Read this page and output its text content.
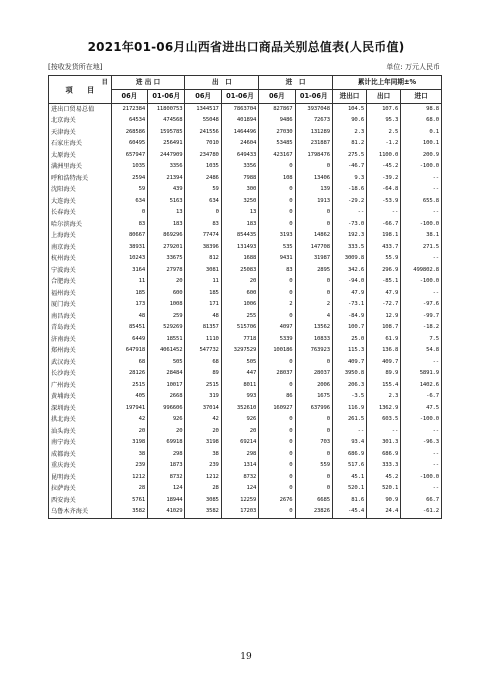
2021年01-06月山西省进出口商品关别总值表(人民币值)
[按收发货所在地]	单位: 万元人民币
目
项　　目	进 出 口		出　口		进　口		累计比上年同期±%		
	06月	01-06月	06月	01-06月	06月	01-06月	进出口	出口	进口
进出口贸易总值	2172384	11800753	1344517	7863704	827867	3937048	104.5	107.6	98.8
北京海关	64534	474568	55048	401894	9486	72673	90.6	95.3	68.0
天津海关	268586	1595785	241556	1464496	27030	131289	2.3	2.5	0.1
石家庄海关	60495	256491	7010	24604	53485	231887	81.2	-1.2	100.1
太原海关	657947	2447909	234780	649433	423167	1798476	275.5	1100.0	200.9
满洲里海关	1035	3356	1035	3356	0	0	-46.7	-45.2	-100.0
呼和浩特海关	2594	21394	2486	7988	108	13406	9.3	-39.2	--
沈阳海关	59	439	59	300	0	139	-18.6	-64.8	--
大连海关	634	5163	634	3250	0	1913	-29.2	-53.9	655.8
长春海关	0	13	0	13	0	0	--	--	--
哈尔滨海关	83	183	83	183	0	0	-73.0	-66.7	-100.0
上海海关	80667	869296	77474	854435	3193	14862	192.3	198.1	38.1
南京海关	38931	279201	38396	131493	535	147708	333.5	433.7	271.5
杭州海关	10243	33675	812	1688	9431	31987	3009.8	55.9	--
宁波海关	3164	27978	3081	25083	83	2895	342.6	296.9	499802.8
合肥海关	11	20	11	20	0	0	-94.0	-85.1	-100.0
福州海关	185	600	185	600	0	0	47.9	47.9	--
厦门海关	173	1008	171	1006	2	2	-73.1	-72.7	-97.6
南昌海关	48	259	48	255	0	4	-84.9	12.9	-99.7
青岛海关	85451	529269	81357	515706	4097	13562	100.7	108.7	-18.2
济南海关	6449	18551	1110	7718	5339	10833	25.0	61.9	7.5
郑州海关	647918	4061452	547732	3297529	100186	763923	115.3	136.8	54.8
武汉海关	68	505	68	505	0	0	409.7	409.7	--
长沙海关	28126	28484	89	447	28037	28037	3950.8	89.9	5891.9
广州海关	2515	10017	2515	8011	0	2006	206.3	155.4	1402.6
黄埔海关	405	2668	319	993	86	1675	-3.5	2.3	-6.7
深圳海关	197941	996606	37014	352610	160927	637996	116.9	1362.9	47.5
拱北海关	42	926	42	926	0	0	261.5	603.5	-100.0
汕头海关	20	20	20	20	0	0	--	--	--
南宁海关	3198	69918	3198	69214	0	703	93.4	301.3	-96.3
成都海关	38	298	38	298	0	0	686.9	686.9	--
重庆海关	239	1873	239	1314	0	559	517.6	333.3	--
昆明海关	1212	8732	1212	8732	0	0	45.1	45.2	-100.0
拉萨海关	28	124	28	124	0	0	520.1	520.1	--
西安海关	5761	18944	3085	12259	2676	6685	81.6	90.9	66.7
乌鲁木齐海关	3582	41029	3582	17203	0	23826	-45.4	24.4	-61.2
19
